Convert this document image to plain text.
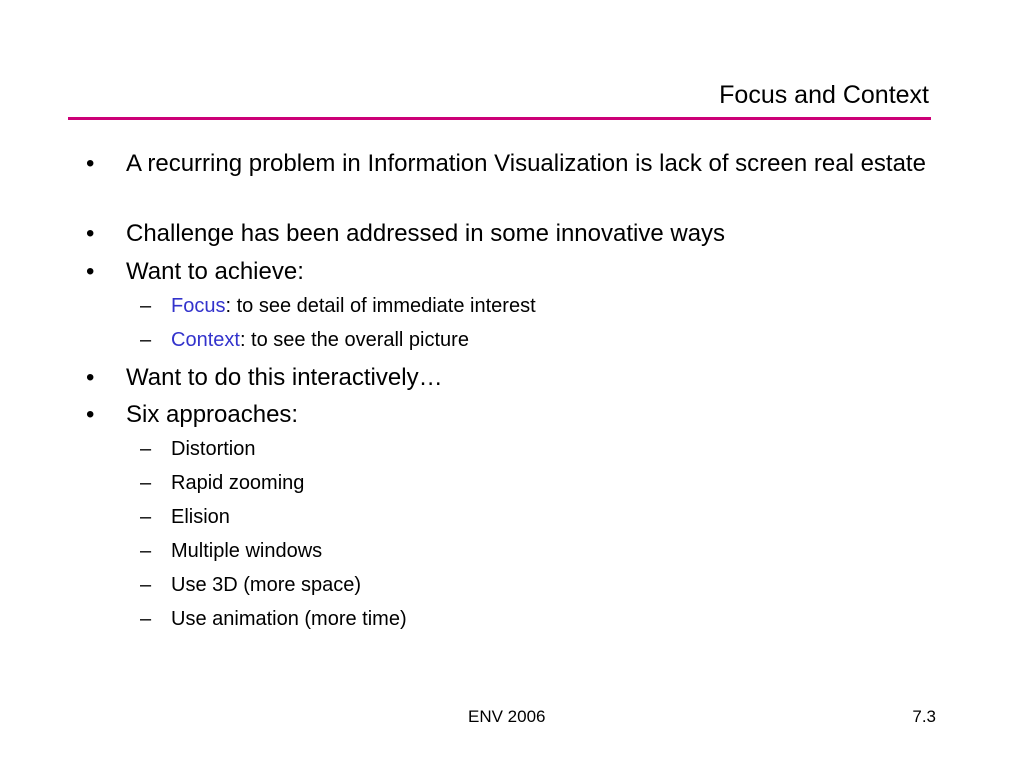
Focus and Context
• A recurring problem in Information Visualization is lack of screen real estate
• Challenge has been addressed in some innovative ways
• Want to achieve:
– Focus: to see detail of immediate interest
– Context: to see the overall picture
• Want to do this interactively…
• Six approaches:
– Distortion
– Rapid zooming
– Elision
– Multiple windows
– Use 3D (more space)
– Use animation (more time)
ENV 2006	7.3
